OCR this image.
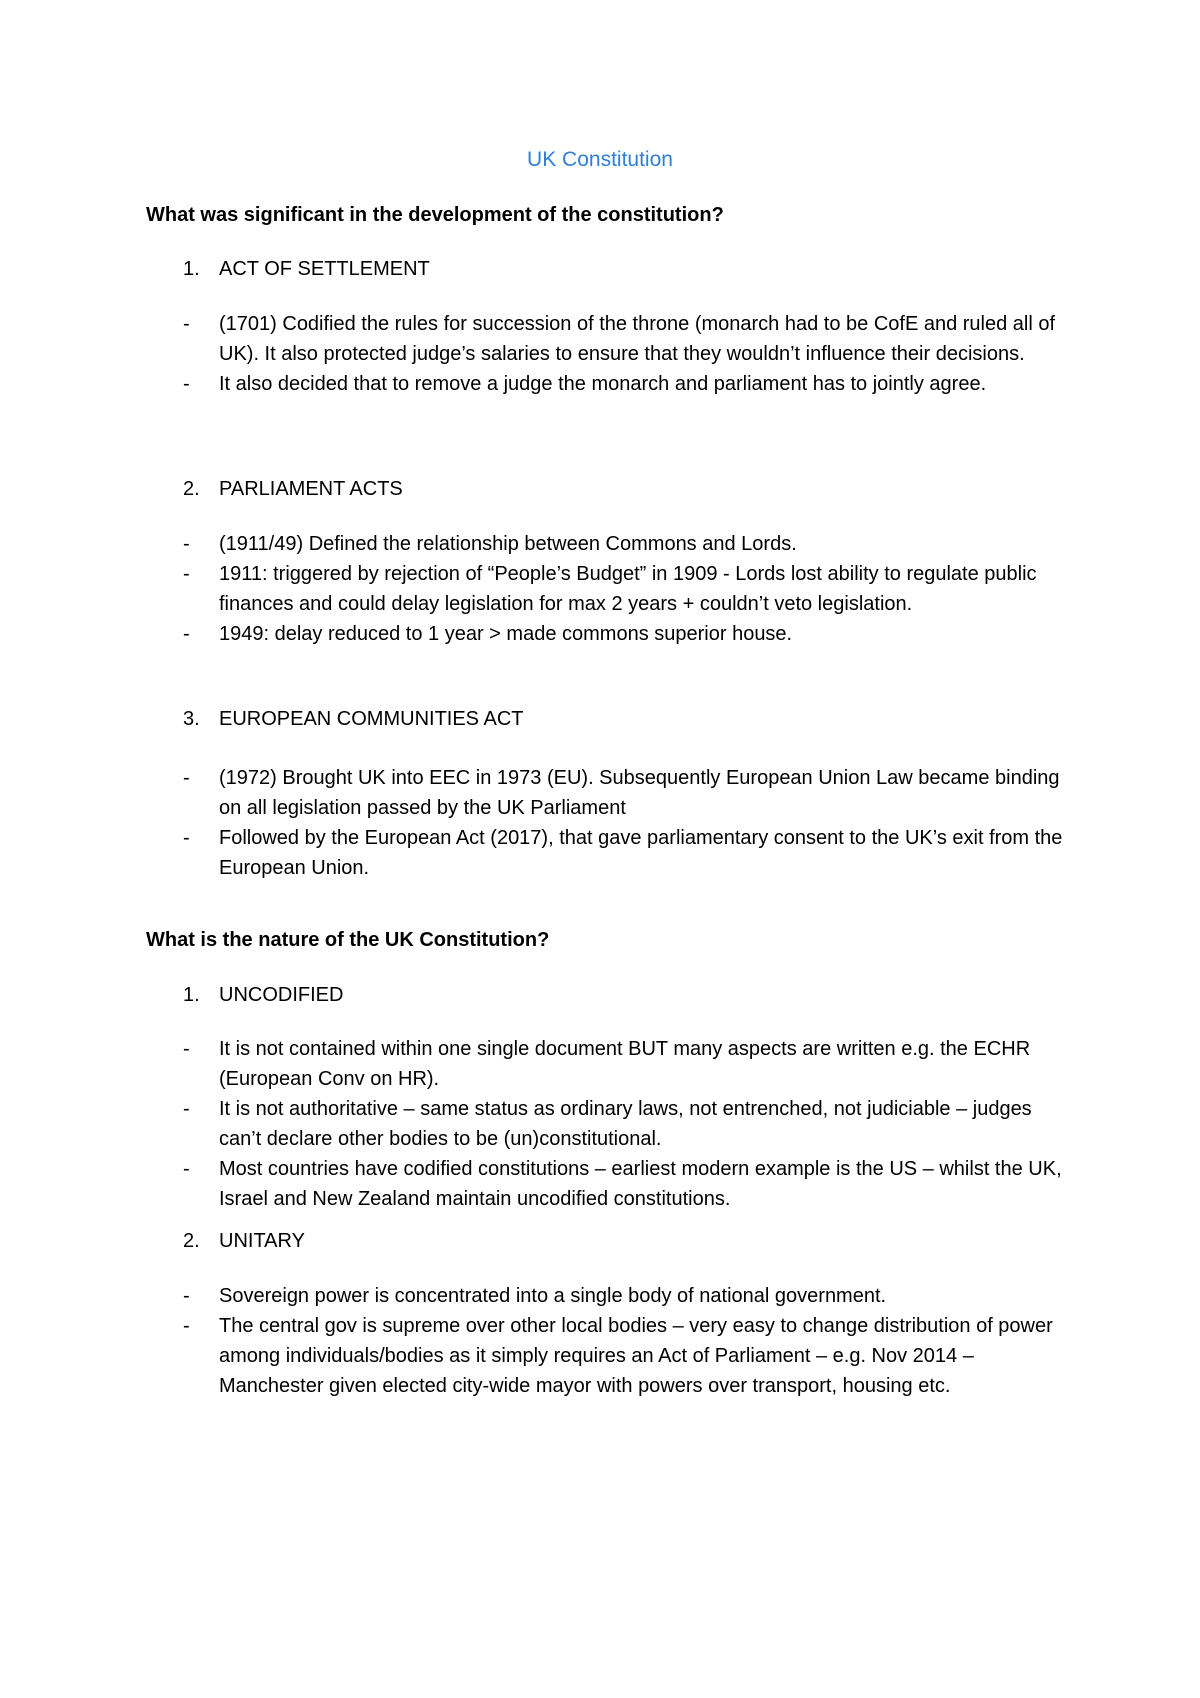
UK Constitution
What was significant in the development of the constitution?
1. ACT OF SETTLEMENT
- (1701) Codified the rules for succession of the throne (monarch had to be CofE and ruled all of UK). It also protected judge’s salaries to ensure that they wouldn’t influence their decisions.
- It also decided that to remove a judge the monarch and parliament has to jointly agree.
2. PARLIAMENT ACTS
- (1911/49) Defined the relationship between Commons and Lords.
- 1911: triggered by rejection of “People’s Budget” in 1909 - Lords lost ability to regulate public finances and could delay legislation for max 2 years + couldn’t veto legislation.
- 1949: delay reduced to 1 year > made commons superior house.
3. EUROPEAN COMMUNITIES ACT
- (1972) Brought UK into EEC in 1973 (EU). Subsequently European Union Law became binding on all legislation passed by the UK Parliament
- Followed by the European Act (2017), that gave parliamentary consent to the UK’s exit from the European Union.
What is the nature of the UK Constitution?
1. UNCODIFIED
- It is not contained within one single document BUT many aspects are written e.g. the ECHR (European Conv on HR).
- It is not authoritative – same status as ordinary laws, not entrenched, not judiciable – judges can’t declare other bodies to be (un)constitutional.
- Most countries have codified constitutions – earliest modern example is the US – whilst the UK, Israel and New Zealand maintain uncodified constitutions.
2. UNITARY
- Sovereign power is concentrated into a single body of national government.
- The central gov is supreme over other local bodies – very easy to change distribution of power among individuals/bodies as it simply requires an Act of Parliament – e.g. Nov 2014 – Manchester given elected city-wide mayor with powers over transport, housing etc.
